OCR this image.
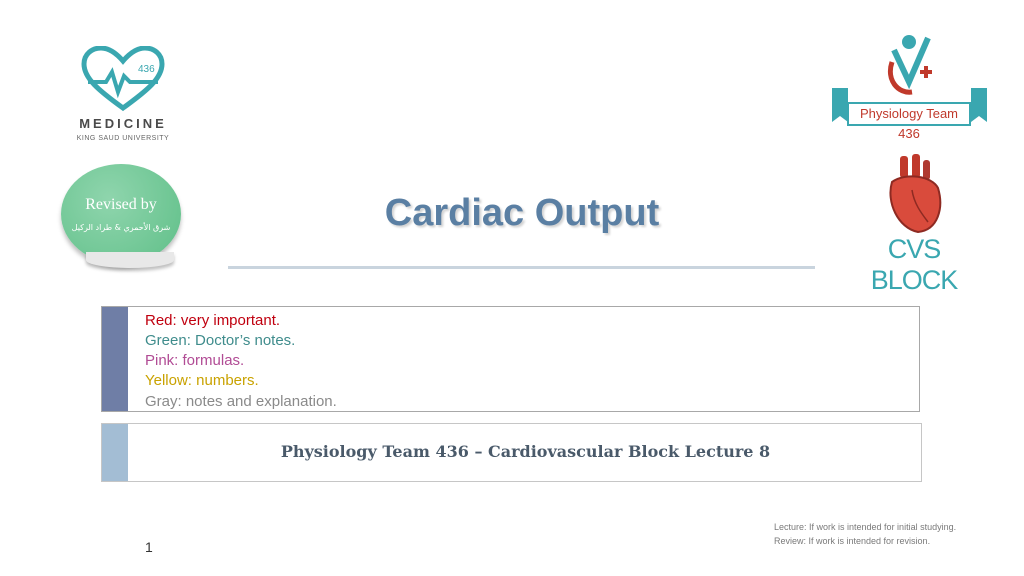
436
MEDICINE
KING SAUD UNIVERSITY
Revised by
شرق الأحمري & طراد الركيل	Cardiac Output
Physiology Team 436
CVS BLOCK
Red: very important.
Green: Doctor’s notes.
Pink: formulas.
Yellow: numbers.
Gray: notes and explanation.
Physiology Team 436 – Cardiovascular Block Lecture 8
Lecture: If work is intended for initial studying.
Review: If work is intended for revision.
1
